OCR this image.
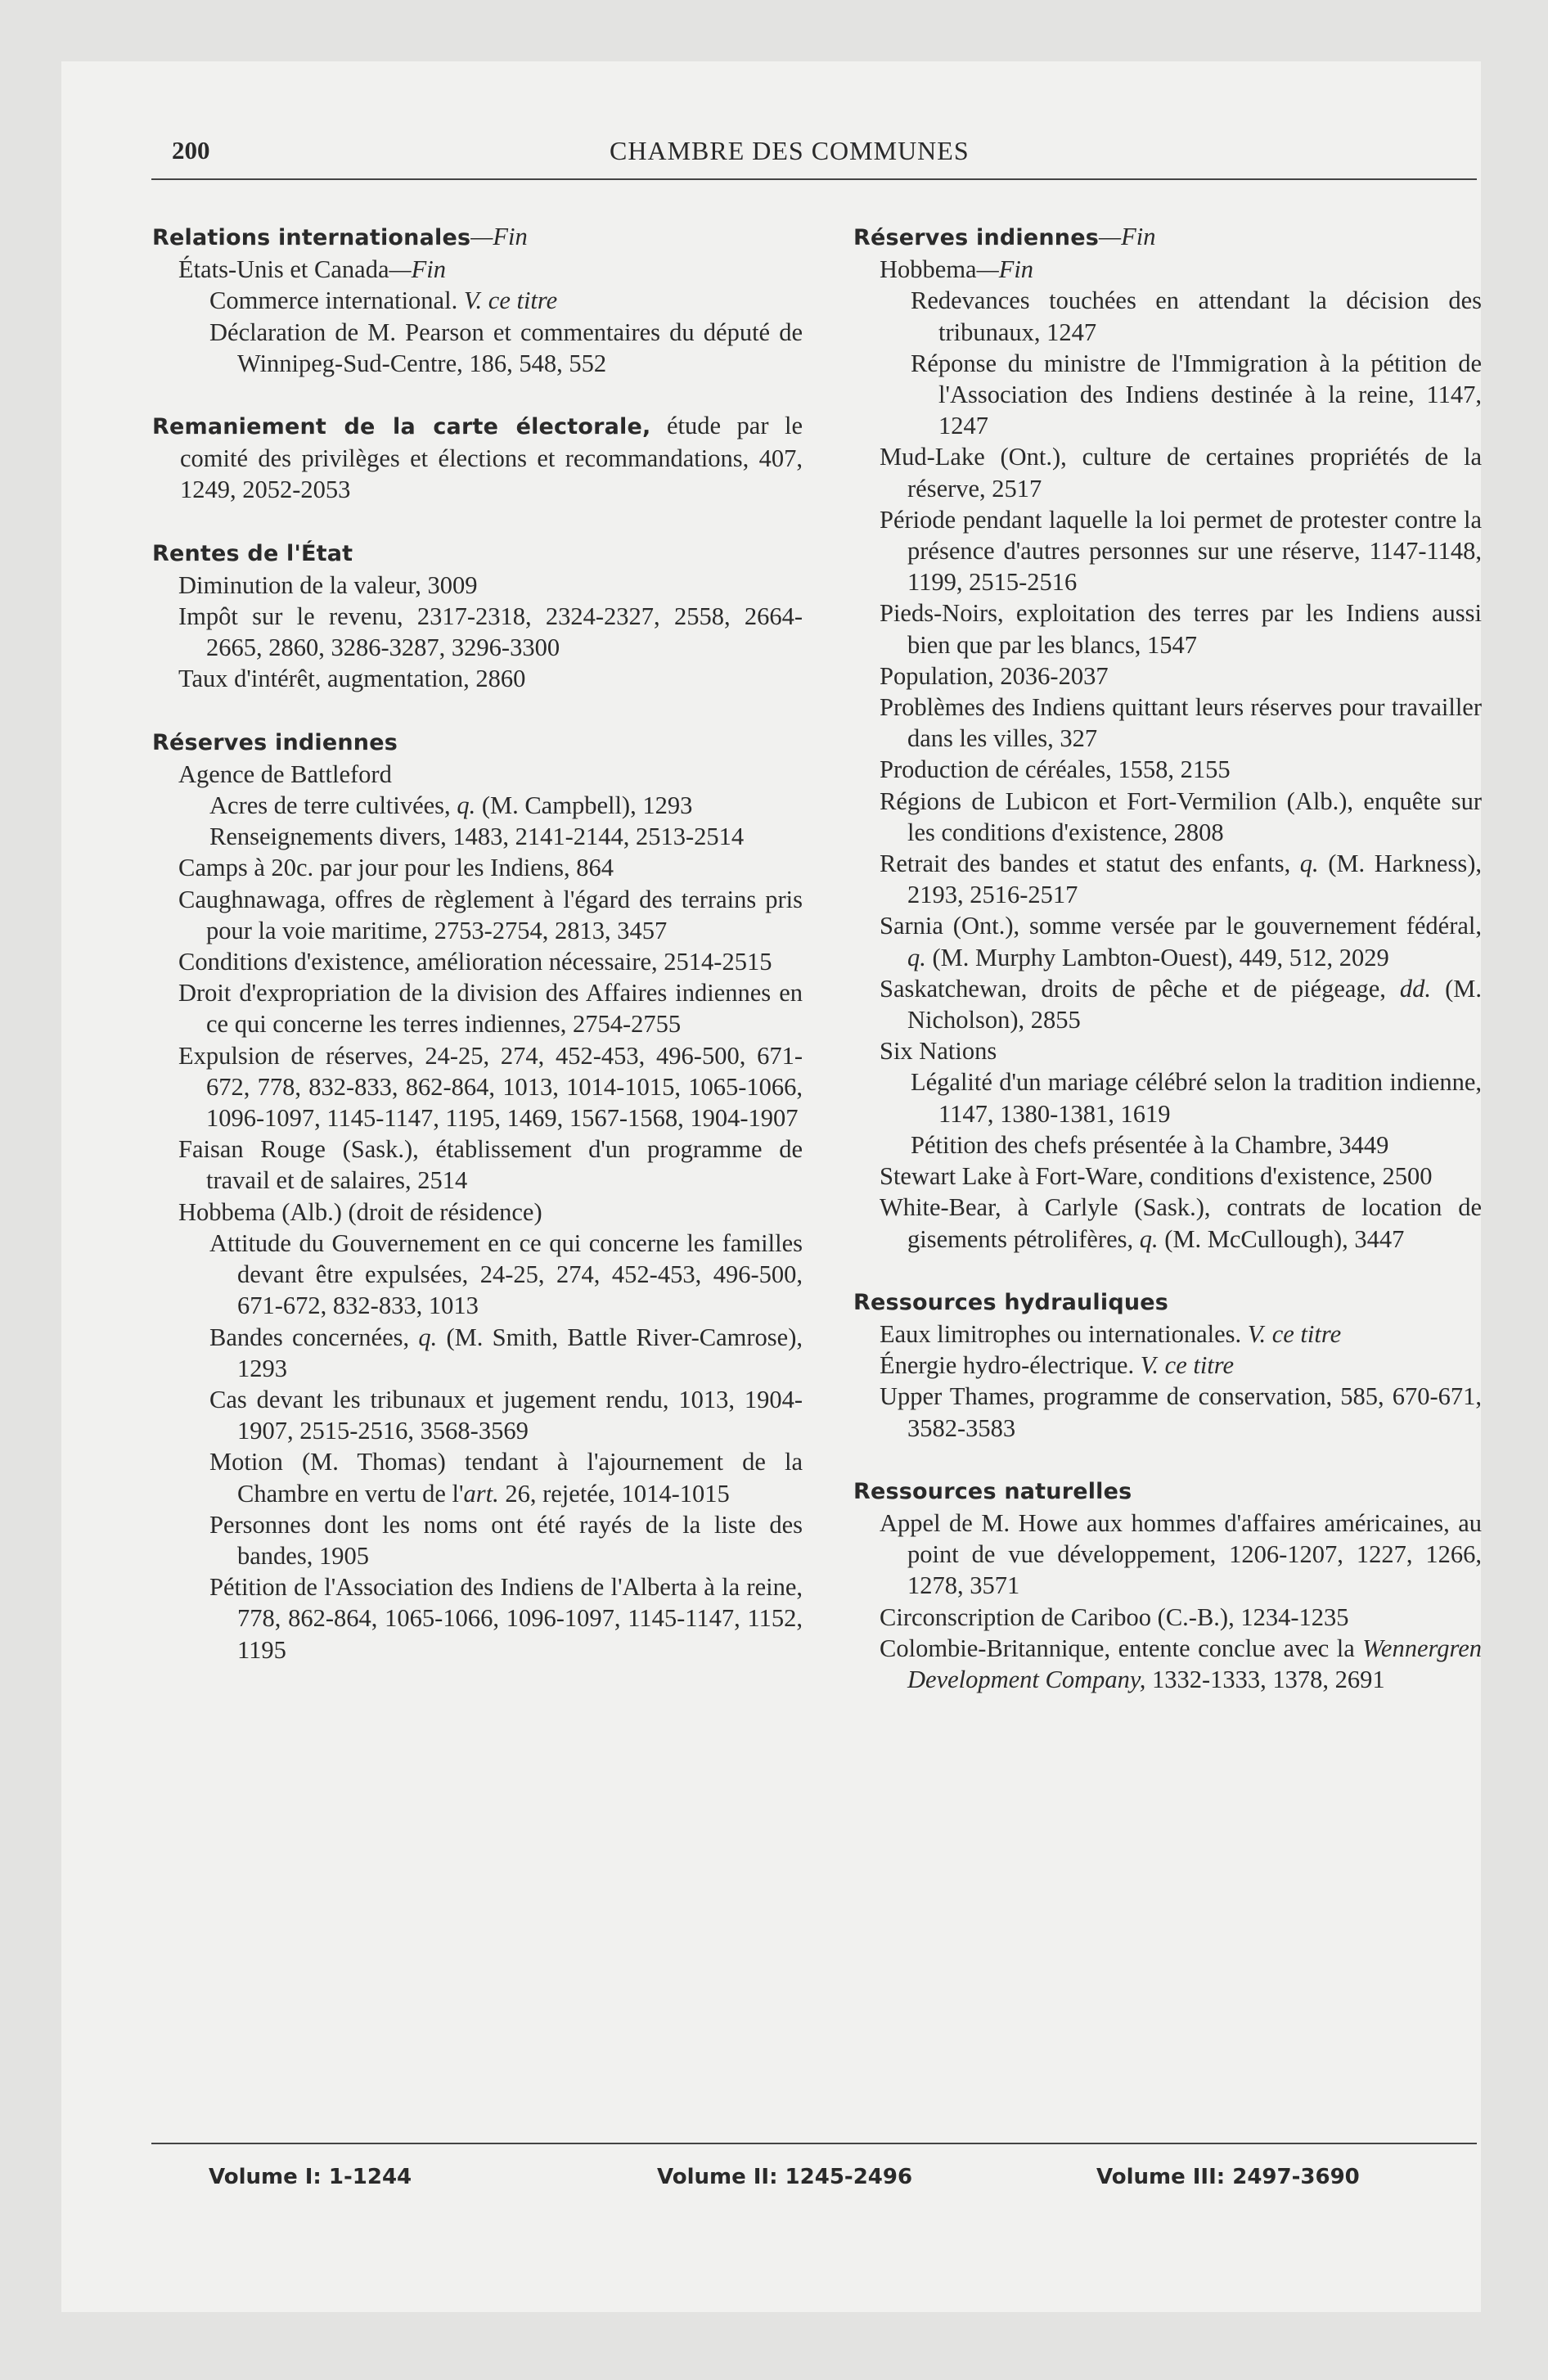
200	CHAMBRE DES COMMUNES
Relations internationales—Fin
États-Unis et Canada—Fin
Commerce international. V. ce titre
Déclaration de M. Pearson et commentaires du député de Winnipeg-Sud-Centre, 186, 548, 552
Remaniement de la carte électorale, étude par le comité des privilèges et élections et recommandations, 407, 1249, 2052-2053
Rentes de l'État
Diminution de la valeur, 3009
Impôt sur le revenu, 2317-2318, 2324-2327, 2558, 2664-2665, 2860, 3286-3287, 3296-3300
Taux d'intérêt, augmentation, 2860
Réserves indiennes
Agence de Battleford
Acres de terre cultivées, q. (M. Campbell), 1293
Renseignements divers, 1483, 2141-2144, 2513-2514
Camps à 20c. par jour pour les Indiens, 864
Caughnawaga, offres de règlement à l'égard des terrains pris pour la voie maritime, 2753-2754, 2813, 3457
Conditions d'existence, amélioration nécessaire, 2514-2515
Droit d'expropriation de la division des Affaires indiennes en ce qui concerne les terres indiennes, 2754-2755
Expulsion de réserves, 24-25, 274, 452-453, 496-500, 671-672, 778, 832-833, 862-864, 1013, 1014-1015, 1065-1066, 1096-1097, 1145-1147, 1195, 1469, 1567-1568, 1904-1907
Faisan Rouge (Sask.), établissement d'un programme de travail et de salaires, 2514
Hobbema (Alb.) (droit de résidence)
Attitude du Gouvernement en ce qui concerne les familles devant être expulsées, 24-25, 274, 452-453, 496-500, 671-672, 832-833, 1013
Bandes concernées, q. (M. Smith, Battle River-Camrose), 1293
Cas devant les tribunaux et jugement rendu, 1013, 1904-1907, 2515-2516, 3568-3569
Motion (M. Thomas) tendant à l'ajournement de la Chambre en vertu de l'art. 26, rejetée, 1014-1015
Personnes dont les noms ont été rayés de la liste des bandes, 1905
Pétition de l'Association des Indiens de l'Alberta à la reine, 778, 862-864, 1065-1066, 1096-1097, 1145-1147, 1152, 1195
Réserves indiennes—Fin
Hobbema—Fin
Redevances touchées en attendant la décision des tribunaux, 1247
Réponse du ministre de l'Immigration à la pétition de l'Association des Indiens destinée à la reine, 1147, 1247
Mud-Lake (Ont.), culture de certaines propriétés de la réserve, 2517
Période pendant laquelle la loi permet de protester contre la présence d'autres personnes sur une réserve, 1147-1148, 1199, 2515-2516
Pieds-Noirs, exploitation des terres par les Indiens aussi bien que par les blancs, 1547
Population, 2036-2037
Problèmes des Indiens quittant leurs réserves pour travailler dans les villes, 327
Production de céréales, 1558, 2155
Régions de Lubicon et Fort-Vermilion (Alb.), enquête sur les conditions d'existence, 2808
Retrait des bandes et statut des enfants, q. (M. Harkness), 2193, 2516-2517
Sarnia (Ont.), somme versée par le gouvernement fédéral, q. (M. Murphy Lambton-Ouest), 449, 512, 2029
Saskatchewan, droits de pêche et de piégeage, dd. (M. Nicholson), 2855
Six Nations
Légalité d'un mariage célébré selon la tradition indienne, 1147, 1380-1381, 1619
Pétition des chefs présentée à la Chambre, 3449
Stewart Lake à Fort-Ware, conditions d'existence, 2500
White-Bear, à Carlyle (Sask.), contrats de location de gisements pétrolifères, q. (M. McCullough), 3447
Ressources hydrauliques
Eaux limitrophes ou internationales. V. ce titre
Énergie hydro-électrique. V. ce titre
Upper Thames, programme de conservation, 585, 670-671, 3582-3583
Ressources naturelles
Appel de M. Howe aux hommes d'affaires américaines, au point de vue développement, 1206-1207, 1227, 1266, 1278, 3571
Circonscription de Cariboo (C.-B.), 1234-1235
Colombie-Britannique, entente conclue avec la Wennergren Development Company, 1332-1333, 1378, 2691
Volume I: 1-1244	Volume II: 1245-2496	Volume III: 2497-3690
